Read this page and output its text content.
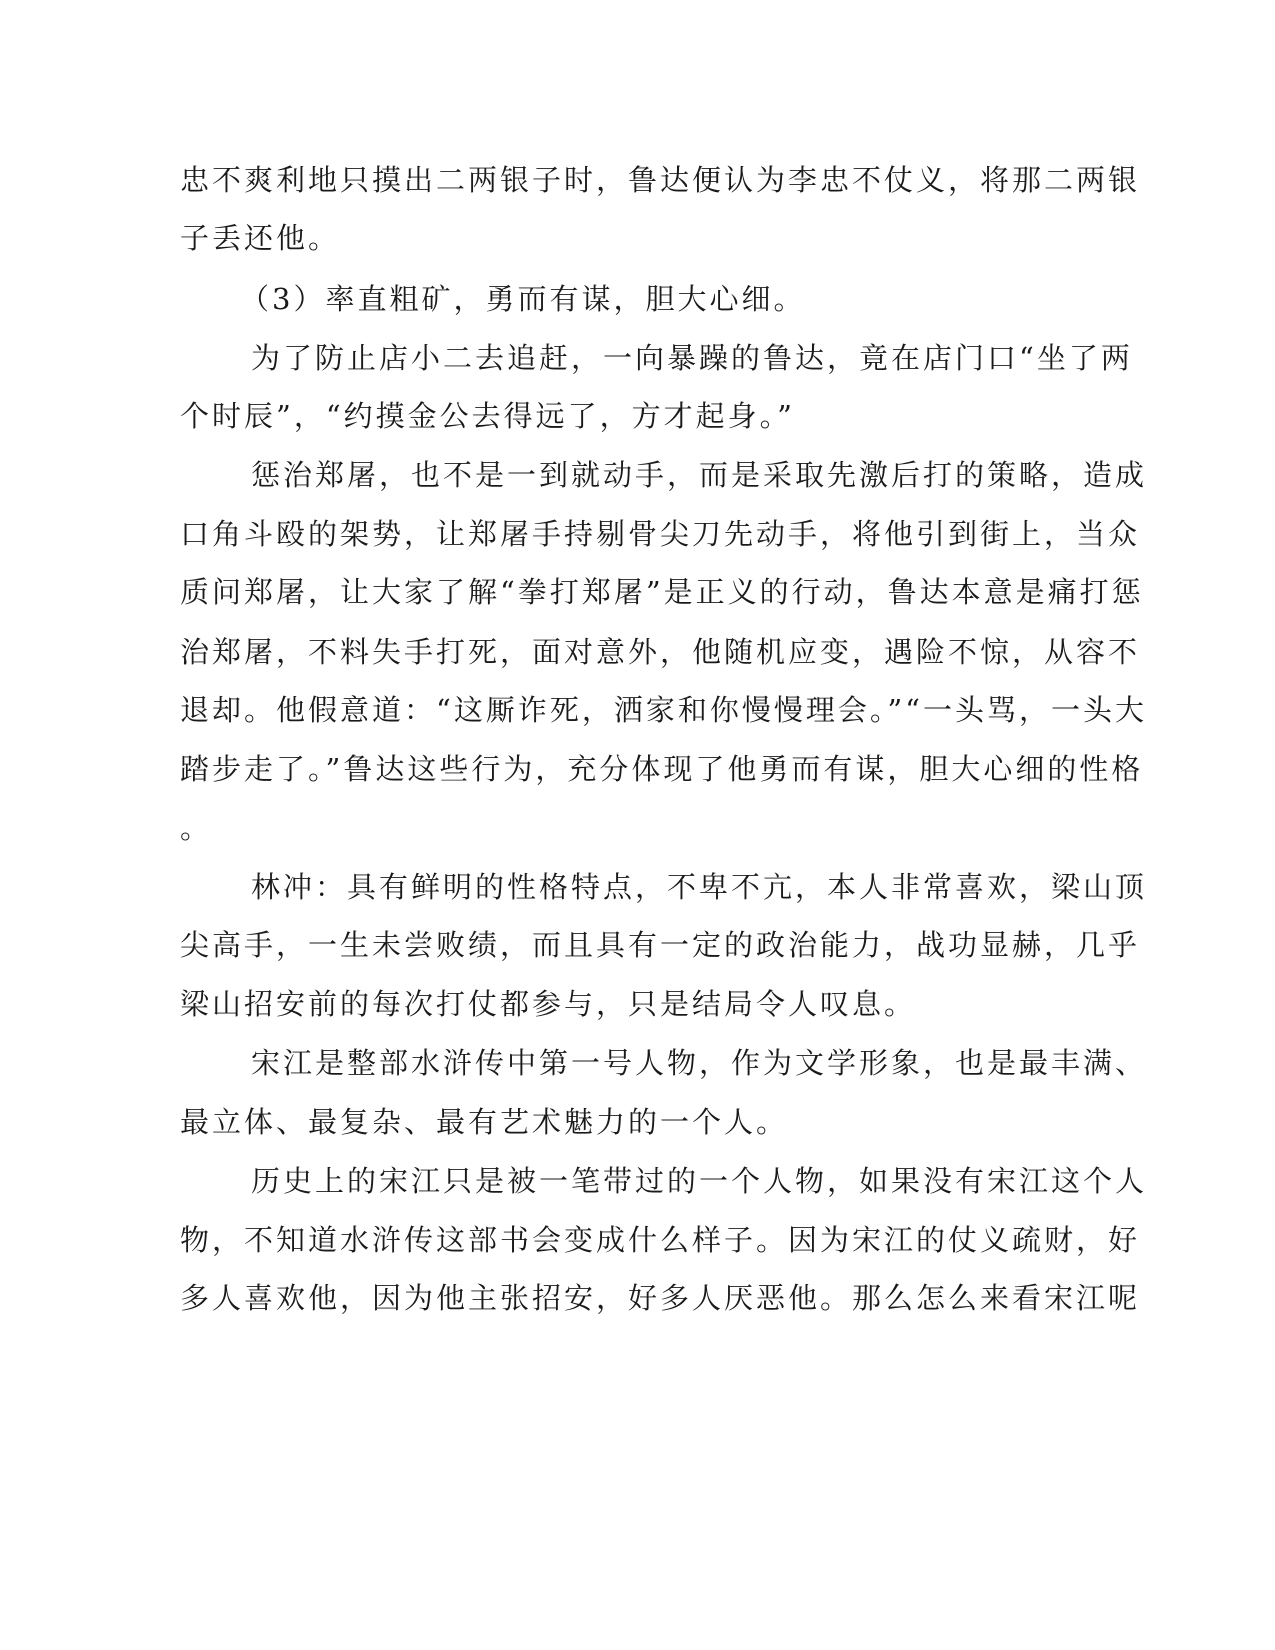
忠不爽利地只摸出二两银子时，鲁达便认为李忠不仗义，将那二两银
子丢还他。
（3）率直粗矿，勇而有谋，胆大心细。
为了防止店小二去追赶，一向暴躁的鲁达，竟在店门口“坐了两
个时辰”，“约摸金公去得远了，方才起身。”
惩治郑屠，也不是一到就动手，而是采取先激后打的策略，造成
口角斗殴的架势，让郑屠手持剔骨尖刀先动手，将他引到街上，当众
质问郑屠，让大家了解“拳打郑屠”是正义的行动，鲁达本意是痛打惩
治郑屠，不料失手打死，面对意外，他随机应变，遇险不惊，从容不
退却。他假意道：“这厮诈死，洒家和你慢慢理会。”“一头骂，一头大
踏步走了。”鲁达这些行为，充分体现了他勇而有谋，胆大心细的性格
。
林冲：具有鲜明的性格特点，不卑不亢，本人非常喜欢，梁山顶
尖高手，一生未尝败绩，而且具有一定的政治能力，战功显赫，几乎
梁山招安前的每次打仗都参与，只是结局令人叹息。
宋江是整部水浒传中第一号人物，作为文学形象，也是最丰满、
最立体、最复杂、最有艺术魅力的一个人。
历史上的宋江只是被一笔带过的一个人物，如果没有宋江这个人
物，不知道水浒传这部书会变成什么样子。因为宋江的仗义疏财，好
多人喜欢他，因为他主张招安，好多人厌恶他。那么怎么来看宋江呢
